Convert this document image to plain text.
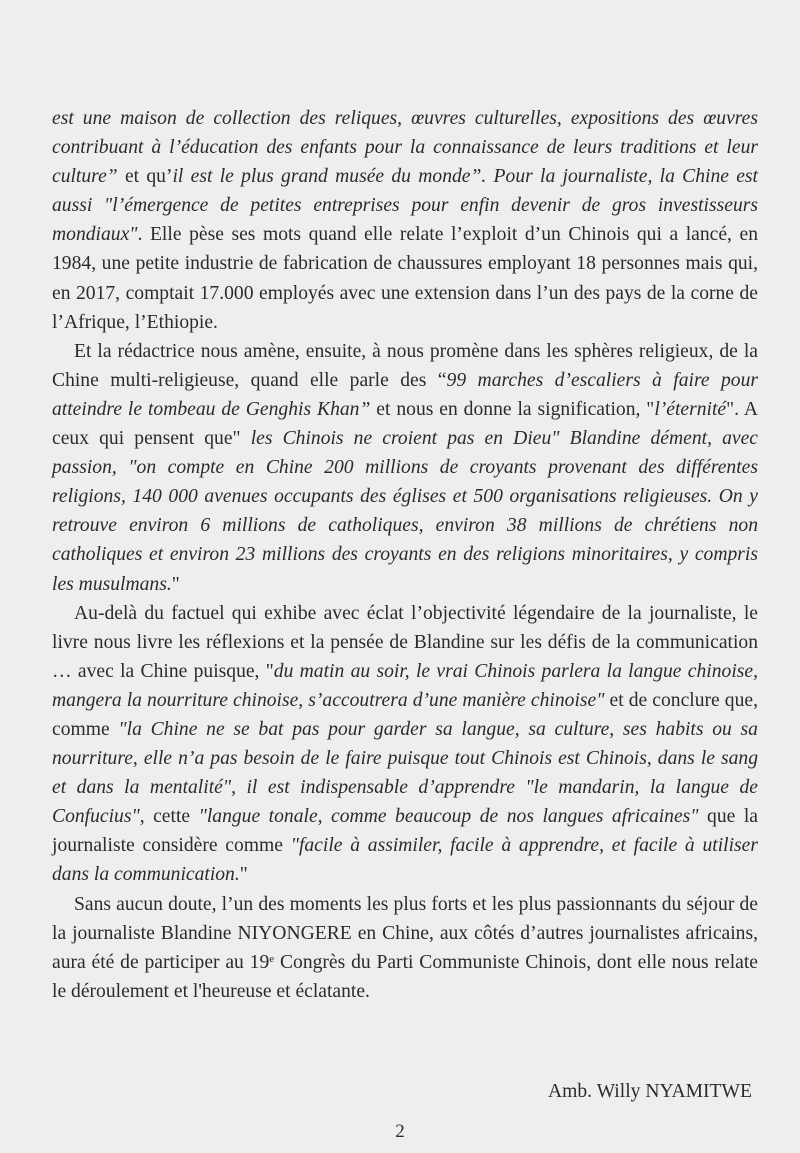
est une maison de collection des reliques, œuvres culturelles, expositions des œuvres contribuant à l’éducation des enfants pour la connaissance de leurs traditions et leur culture” et qu’il est le plus grand musée du monde”. Pour la journaliste, la Chine est aussi "l’émergence de petites entreprises pour enfin devenir de gros investisseurs mondiaux". Elle pèse ses mots quand elle relate l’exploit d’un Chinois qui a lancé, en 1984, une petite industrie de fabrication de chaussures employant 18 personnes mais qui, en 2017, comptait 17.000 employés avec une extension dans l’un des pays de la corne de l’Afrique, l’Ethiopie.

Et la rédactrice nous amène, ensuite, à nous promène dans les sphères religieux, de la Chine multi-religieuse, quand elle parle des “99 marches d’escaliers à faire pour atteindre le tombeau de Genghis Khan” et nous en donne la signification, "l’éternité". A ceux qui pensent que" les Chinois ne croient pas en Dieu" Blandine dément, avec passion, "on compte en Chine 200 millions de croyants provenant des différentes religions, 140 000 avenues occupants des églises et 500 organisations religieuses. On y retrouve environ 6 millions de catholiques, environ 38 millions de chrétiens non catholiques et environ 23 millions des croyants en des religions minoritaires, y compris les musulmans."

Au-delà du factuel qui exhibe avec éclat l’objectivité légendaire de la journaliste, le livre nous livre les réflexions et la pensée de Blandine sur les défis de la communication … avec la Chine puisque, "du matin au soir, le vrai Chinois parlera la langue chinoise, mangera la nourriture chinoise, s’accoutrera d’une manière chinoise" et de conclure que, comme "la Chine ne se bat pas pour garder sa langue, sa culture, ses habits ou sa nourriture, elle n’a pas besoin de le faire puisque tout Chinois est Chinois, dans le sang et dans la mentalité", il est indispensable d’apprendre "le mandarin, la langue de Confucius", cette "langue tonale, comme beaucoup de nos langues africaines" que la journaliste considère comme "facile à assimiler, facile à apprendre, et facile à utiliser dans la communication."

Sans aucun doute, l’un des moments les plus forts et les plus passionnants du séjour de la journaliste Blandine NIYONGERE en Chine, aux côtés d’autres journalistes africains, aura été de participer au 19e Congrès du Parti Communiste Chinois, dont elle nous relate le déroulement et l'heureuse et éclatante.

Amb. Willy NYAMITWE
2
